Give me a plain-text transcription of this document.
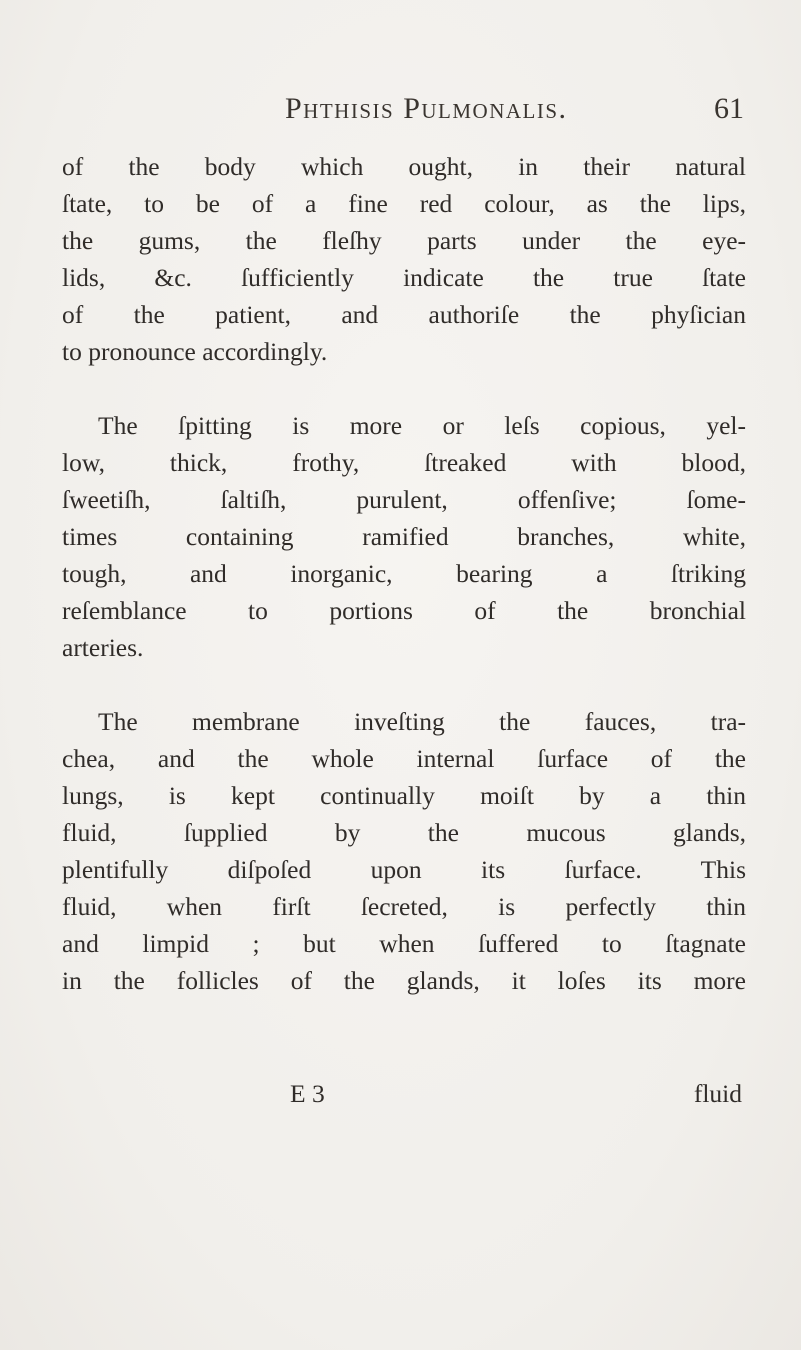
Phthisis Pulmonalis.	61
of the body which ought, in their natural
ſtate, to be of a fine red colour, as the lips,
the gums, the fleſhy parts under the eye-
lids, &c. ſufficiently indicate the true ſtate
of the patient, and authoriſe the phyſician
to pronounce accordingly.
The ſpitting is more or leſs copious, yel-
low, thick, frothy, ſtreaked with blood,
ſweetiſh, ſaltiſh, purulent, offenſive; ſome-
times containing ramified branches, white,
tough, and inorganic, bearing a ſtriking
reſemblance to portions of the bronchial
arteries.
The membrane inveſting the fauces, tra-
chea, and the whole internal ſurface of the
lungs, is kept continually moiſt by a thin
fluid, ſupplied by the mucous glands,
plentifully diſpoſed upon its ſurface. This
fluid, when firſt ſecreted, is perfectly thin
and limpid ; but when ſuffered to ſtagnate
in the follicles of the glands, it loſes its more
E 3	fluid
